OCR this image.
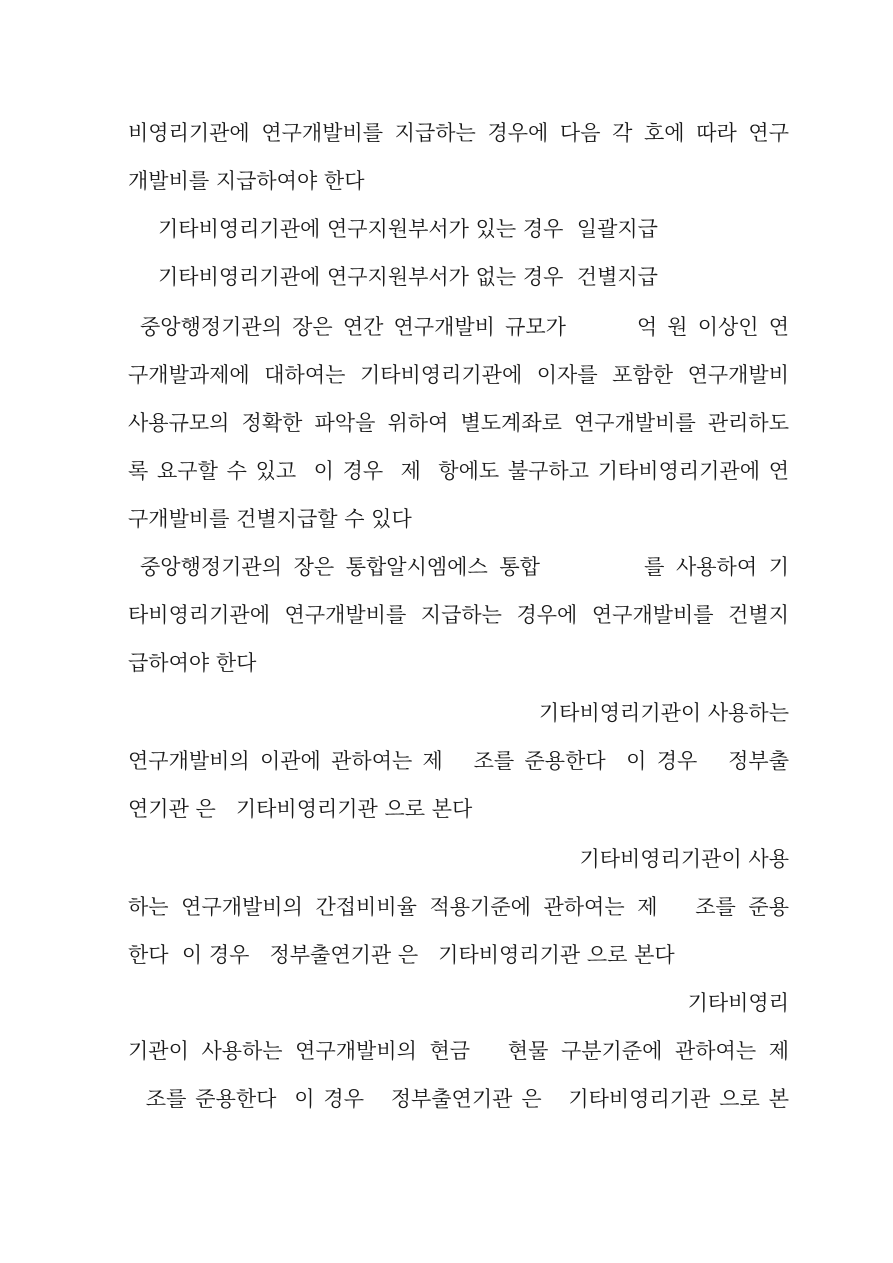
비영리기관에 연구개발비를 지급하는 경우에 다음 각 호에 따라 연구
개발비를 지급하여야 한다
기타비영리기관에 연구지원부서가 있는 경우  일괄지급
기타비영리기관에 연구지원부서가 없는 경우  건별지급
중앙행정기관의 장은 연간 연구개발비 규모가       억 원 이상인 연
구개발과제에 대하여는 기타비영리기관에 이자를 포함한 연구개발비
사용규모의 정확한 파악을 위하여 별도계좌로 연구개발비를 관리하도
록 요구할 수 있고  이 경우  제  항에도 불구하고 기타비영리기관에 연
구개발비를 건별지급할 수 있다
중앙행정기관의 장은 통합알시엠에스 통합         를 사용하여 기
타비영리기관에 연구개발비를 지급하는 경우에 연구개발비를 건별지
급하여야 한다
기타비영리기관이 사용하는
연구개발비의 이관에 관하여는 제   조를 준용한다  이 경우   정부출
연기관 은   기타비영리기관 으로 본다
기타비영리기관이 사용
하는 연구개발비의 간접비비율 적용기준에 관하여는 제   조를 준용
한다  이 경우   정부출연기관 은   기타비영리기관 으로 본다
기타비영리
기관이 사용하는 연구개발비의 현금   현물 구분기준에 관하여는 제
조를 준용한다  이 경우   정부출연기관 은   기타비영리기관 으로 본
